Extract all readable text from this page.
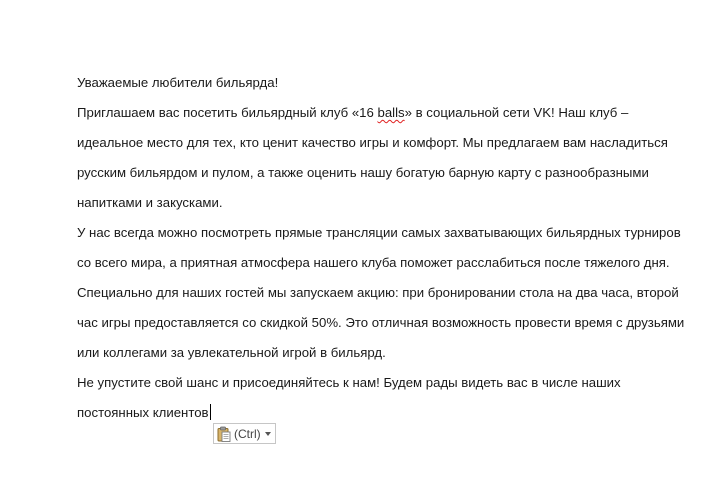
Уважаемые любители бильярда!
Приглашаем вас посетить бильярдный клуб «16 balls» в социальной сети VK! Наш клуб –
идеальное место для тех, кто ценит качество игры и комфорт. Мы предлагаем вам насладиться
русским бильярдом и пулом, а также оценить нашу богатую барную карту с разнообразными
напитками и закусками.
У нас всегда можно посмотреть прямые трансляции самых захватывающих бильярдных турниров
со всего мира, а приятная атмосфера нашего клуба поможет расслабиться после тяжелого дня.
Специально для наших гостей мы запускаем акцию: при бронировании стола на два часа, второй
час игры предоставляется со скидкой 50%. Это отличная возможность провести время с друзьями
или коллегами за увлекательной игрой в бильярд.
Не упустите свой шанс и присоединяйтесь к нам! Будем рады видеть вас в числе наших
постоянных клиентов
(Ctrl)
